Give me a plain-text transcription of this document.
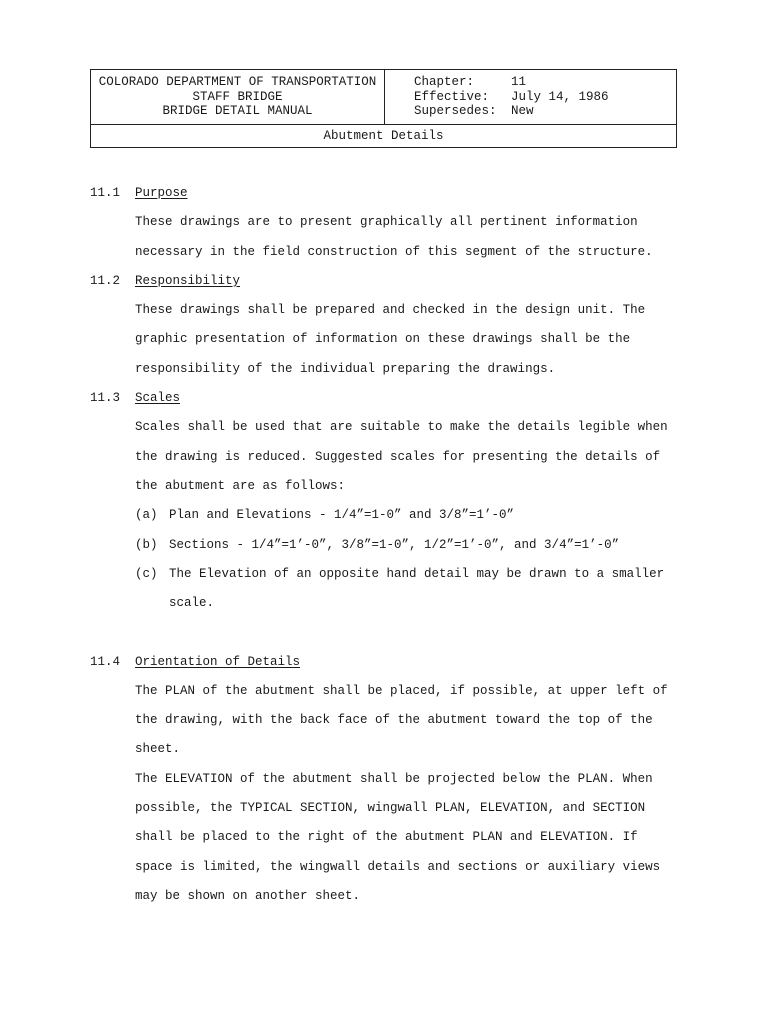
COLORADO DEPARTMENT OF TRANSPORTATION
STAFF BRIDGE
BRIDGE DETAIL MANUAL
Chapter:	11
Effective:	July 14, 1986
Supersedes:	New
Abutment Details
11.1 Purpose
These drawings are to present graphically all pertinent information
necessary in the field construction of this segment of the structure.
11.2 Responsibility
These drawings shall be prepared and checked in the design unit. The
graphic presentation of information on these drawings shall be the
responsibility of the individual preparing the drawings.
11.3 Scales
Scales shall be used that are suitable to make the details legible when
the drawing is reduced. Suggested scales for presenting the details of
the abutment are as follows:
(a) Plan and Elevations - 1/4”=1-0” and 3/8”=1’-0”
(b) Sections - 1/4”=1’-0”, 3/8”=1-0”, 1/2”=1’-0”, and 3/4”=1’-0”
(c) The Elevation of an opposite hand detail may be drawn to a smaller
scale.
11.4 Orientation of Details
The PLAN of the abutment shall be placed, if possible, at upper left of
the drawing, with the back face of the abutment toward the top of the
sheet.
The ELEVATION of the abutment shall be projected below the PLAN. When
possible, the TYPICAL SECTION, wingwall PLAN, ELEVATION, and SECTION
shall be placed to the right of the abutment PLAN and ELEVATION. If
space is limited, the wingwall details and sections or auxiliary views
may be shown on another sheet.
